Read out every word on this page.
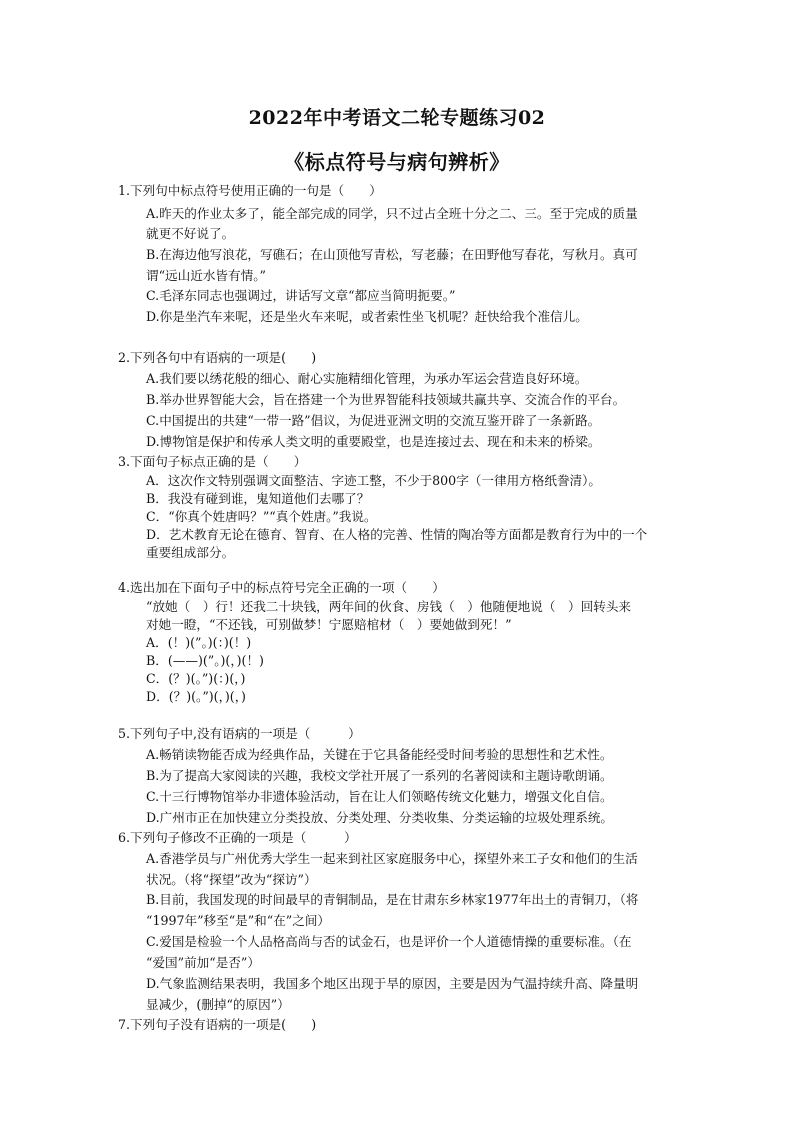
2022年中考语文二轮专题练习02
《标点符号与病句辨析》
1.下列句中标点符号使用正确的一句是（　　）
A.昨天的作业太多了，能全部完成的同学，只不过占全班十分之二、三。至于完成的质量
就更不好说了。
B.在海边他写浪花，写礁石；在山顶他写青松，写老藤；在田野他写春花，写秋月。真可
谓“远山近水皆有情。”
C.毛泽东同志也强调过，讲话写文章“都应当简明扼要。”
D.你是坐汽车来呢，还是坐火车来呢，或者索性坐飞机呢？赶快给我个准信儿。
2.下列各句中有语病的一项是(　　)
A.我们要以绣花般的细心、耐心实施精细化管理，为承办军运会营造良好环境。
B.举办世界智能大会，旨在搭建一个为世界智能科技领域共赢共享、交流合作的平台。
C.中国提出的共建“一带一路”倡议，为促进亚洲文明的交流互鉴开辟了一条新路。
D.博物馆是保护和传承人类文明的重要殿堂，也是连接过去、现在和未来的桥梁。
3.下面句子标点正确的是（　　）
A．这次作文特别强调文面整洁、字迹工整，不少于800字（一律用方格纸誊清）。
B．我没有碰到谁，鬼知道他们去哪了？
C．“你真个姓唐吗？”“真个姓唐。”我说。
D．艺术教育无论在德育、智育、在人格的完善、性情的陶冶等方面都是教育行为中的一个
重要组成部分。
4.选出加在下面句子中的标点符号完全正确的一项（　　）
“放她（　）行！还我二十块钱，两年间的伙食、房钱（　）他随便地说（　）回转头来
对她一瞪，“不还钱，可别做梦！宁愿赔棺材（　）要她做到死！”
A．(！)(”。)(：)(！)
B．(——)(”。)(，)(！)
C．(？)(。”)(：)(，)
D．(？)(。”)(，)(，)
5.下列句子中,没有语病的一项是（　　　）
A.畅销读物能否成为经典作品，关键在于它具备能经受时间考验的思想性和艺术性。
B.为了提高大家阅读的兴趣，我校文学社开展了一系列的名著阅读和主题诗歌朗诵。
C.十三行博物馆举办非遗体验活动，旨在让人们领略传统文化魅力，增强文化自信。
D.广州市正在加快建立分类投放、分类处理、分类收集、分类运输的垃圾处理系统。
6.下列句子修改不正确的一项是（　　　）
A.香港学员与广州优秀大学生一起来到社区家庭服务中心，探望外来工子女和他们的生活
状况。（将“探望”改为“探访”）
B.目前，我国发现的时间最早的青铜制品，是在甘肃东乡林家1977年出土的青铜刀，（将
“1997年”移至“是”和“在”之间）
C.爱国是检验一个人品格高尚与否的试金石，也是评价一个人道德情操的重要标准。（在
“爱国”前加“是否”）
D.气象监测结果表明，我国多个地区出现于旱的原因，主要是因为气温持续升高、降量明
显减少，(删掉“的原因”）
7.下列句子没有语病的一项是(　　)
